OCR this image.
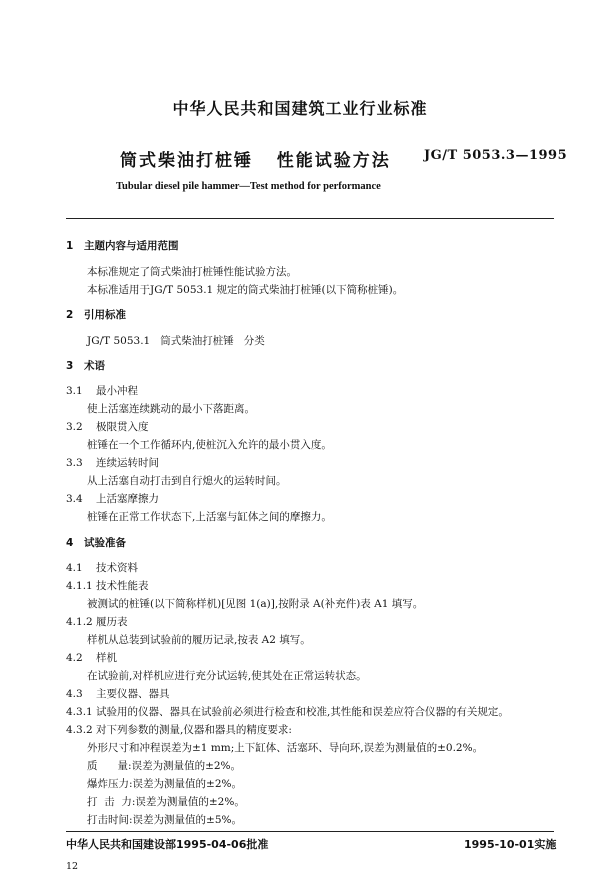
中华人民共和国建筑工业行业标准
筒式柴油打桩锤   性能试验方法	JG/T 5053.3—1995
Tubular diesel pile hammer—Test method for performance
1 主题内容与适用范围
本标准规定了筒式柴油打桩锤性能试验方法。
本标准适用于JG/T 5053.1 规定的筒式柴油打桩锤(以下简称桩锤)。
2 引用标准
JG/T 5053.1   筒式柴油打桩锤   分类
3 术语
3.1 最小冲程
使上活塞连续跳动的最小下落距离。
3.2 极限贯入度
桩锤在一个工作循环内,使桩沉入允许的最小贯入度。
3.3 连续运转时间
从上活塞自动打击到自行熄火的运转时间。
3.4 上活塞摩擦力
桩锤在正常工作状态下,上活塞与缸体之间的摩擦力。
4 试验准备
4.1 技术资料
4.1.1 技术性能表
被测试的桩锤(以下简称样机)[见图 1(a)],按附录 A(补充件)表 A1 填写。
4.1.2 履历表
样机从总装到试验前的履历记录,按表 A2 填写。
4.2 样机
在试验前,对样机应进行充分试运转,使其处在正常运转状态。
4.3 主要仪器、器具
4.3.1 试验用的仪器、器具在试验前必须进行检查和校准,其性能和误差应符合仪器的有关规定。
4.3.2 对下列参数的测量,仪器和器具的精度要求:
外形尺寸和冲程误差为±1 mm;上下缸体、活塞环、导向环,误差为测量值的±0.2%。
质      量:误差为测量值的±2%。
爆炸压力:误差为测量值的±2%。
打  击  力:误差为测量值的±2%。
打击时间:误差为测量值的±5%。
中华人民共和国建设部1995-04-06批准	1995-10-01实施
12
